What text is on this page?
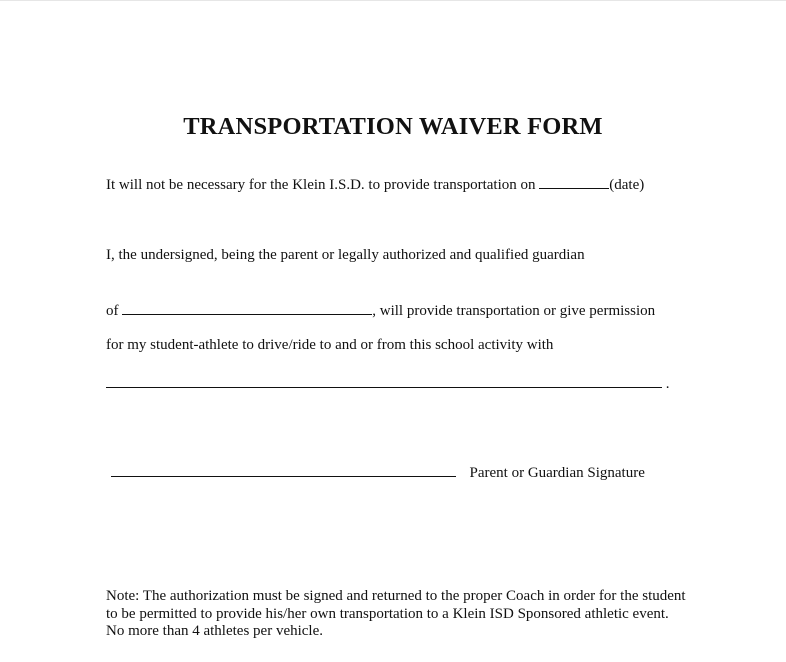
TRANSPORTATION WAIVER FORM
It will not be necessary for the Klein I.S.D. to provide transportation on	(date)
I, the undersigned, being the parent or legally authorized and qualified guardian
of	, will provide transportation or give permission
for my student-athlete to drive/ride to and or from this school activity with
.
Parent or Guardian Signature
Note: The authorization must be signed and returned to the proper Coach in order for the student to be permitted to provide his/her own transportation to a Klein ISD Sponsored athletic event. No more than 4 athletes per vehicle.
